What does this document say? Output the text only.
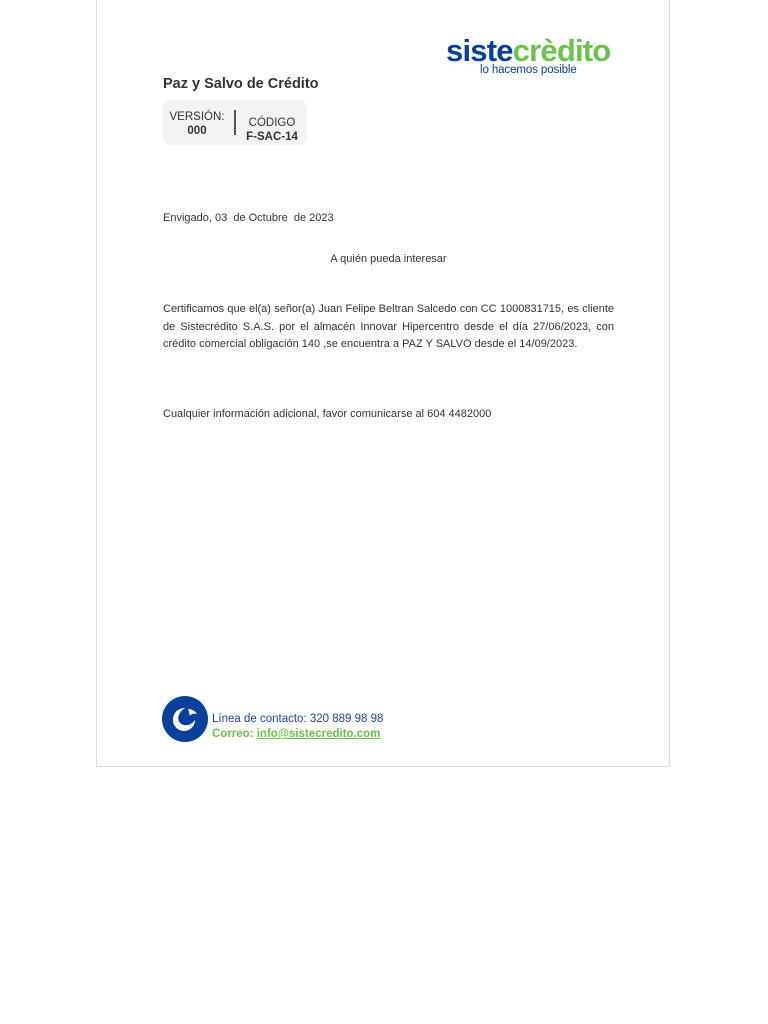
sistecrèdito
lo hacemos posible
Paz y Salvo de Crédito
VERSIÓN:
000
CÓDIGO
F-SAC-14
Envigado, 03  de Octubre  de 2023
A quién pueda interesar
Certificamos que el(a) señor(a) Juan Felipe Beltran Salcedo con CC 1000831715, es cliente de Sistecrédito S.A.S. por el almacén Innovar Hipercentro desde el día 27/06/2023, con crédito comercial obligación 140 ,se encuentra a PAZ Y SALVO desde el 14/09/2023.
Cualquier información adicional, favor comunicarse al 604 4482000
Línea de contacto: 320 889 98 98
Correo: info@sistecredito.com
